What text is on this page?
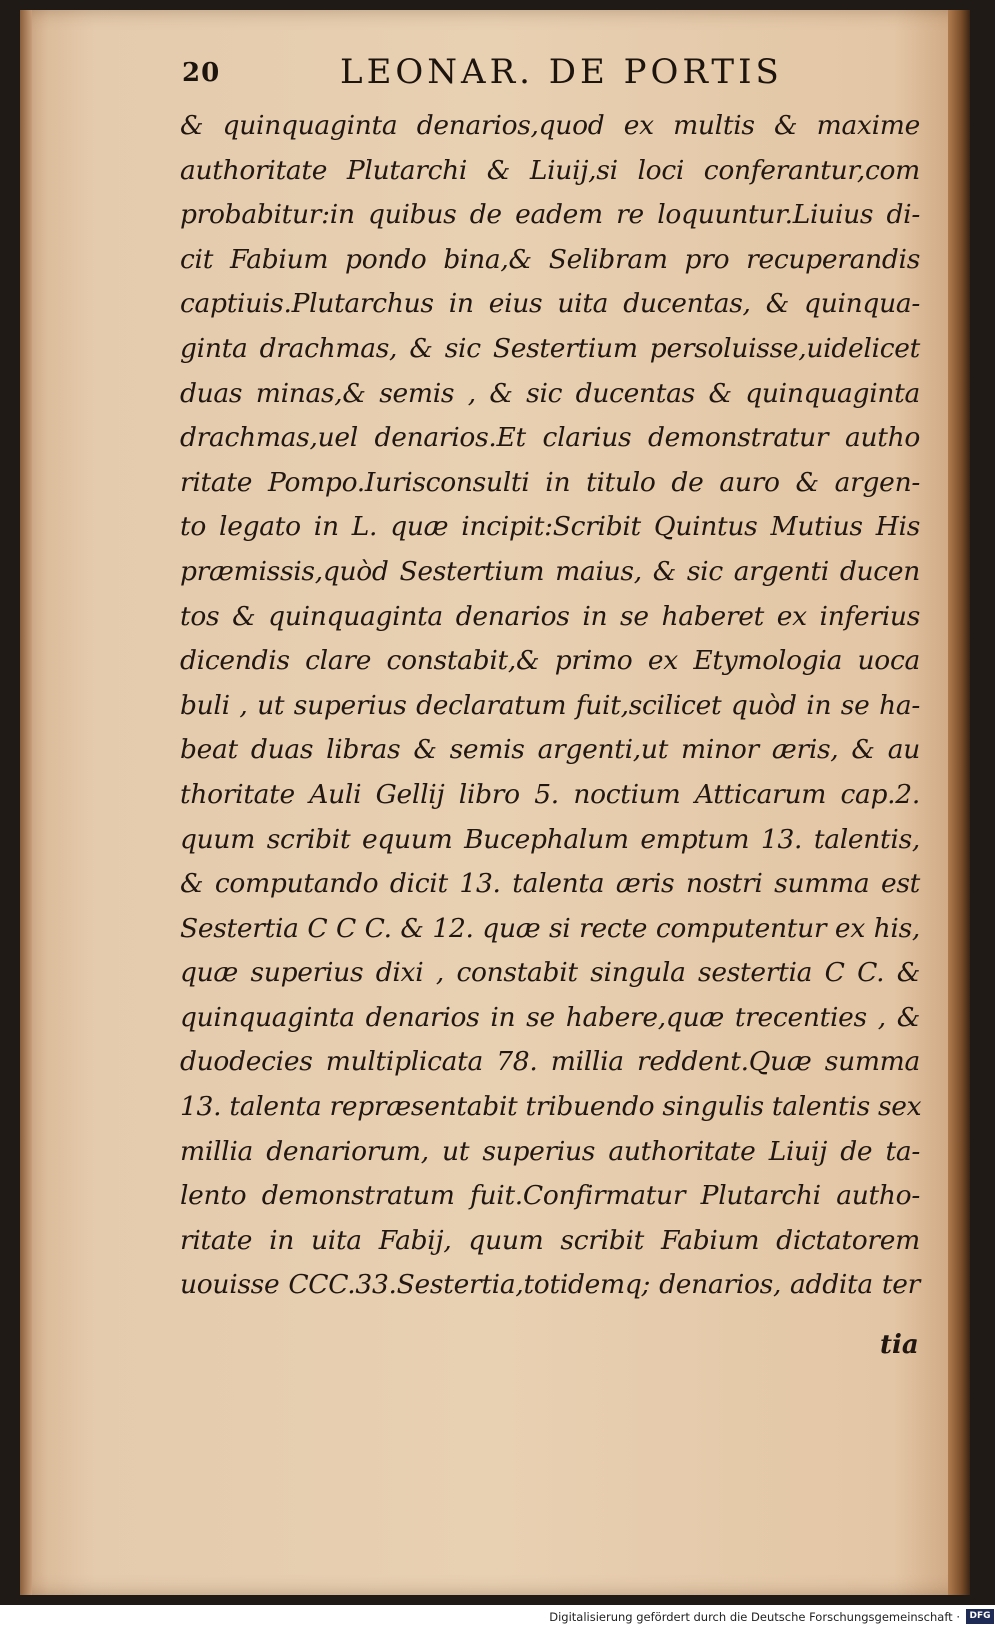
20	LEONAR. DE PORTIS
& quinquaginta denarios,quod ex multis & maxime
authoritate Plutarchi & Liuij,si loci conferantur,com
probabitur:in quibus de eadem re loquuntur.Liuius di-
cit Fabium pondo bina,& Selibram pro recuperandis
captiuis.Plutarchus in eius uita ducentas, & quinqua-
ginta drachmas, & sic Sestertium persoluisse,uidelicet
duas minas,& semis , & sic ducentas & quinquaginta
drachmas,uel denarios.Et clarius demonstratur autho
ritate Pompo.Iurisconsulti in titulo de auro & argen-
to legato in L. quæ incipit:Scribit Quintus Mutius His
præmissis,quòd Sestertium maius, & sic argenti ducen
tos & quinquaginta denarios in se haberet ex inferius
dicendis clare constabit,& primo ex Etymologia uoca
buli , ut superius declaratum fuit,scilicet quòd in se ha-
beat duas libras & semis argenti,ut minor æris, & au
thoritate Auli Gellij libro 5. noctium Atticarum cap.2.
quum scribit equum Bucephalum emptum 13. talentis,
& computando dicit 13. talenta æris nostri summa est
Sestertia C C C. & 12. quæ si recte computentur ex his,
quæ superius dixi , constabit singula sestertia C C. &
quinquaginta denarios in se habere,quæ trecenties , &
duodecies multiplicata 78. millia reddent.Quæ summa
13. talenta repræsentabit tribuendo singulis talentis sex
millia denariorum, ut superius authoritate Liuij de ta-
lento demonstratum fuit.Confirmatur Plutarchi autho-
ritate in uita Fabij, quum scribit Fabium dictatorem
uouisse CCC.33.Sestertia,totidemq; denarios, addita ter
tia
Digitalisierung gefördert durch die Deutsche Forschungsgemeinschaft ·	DFG
